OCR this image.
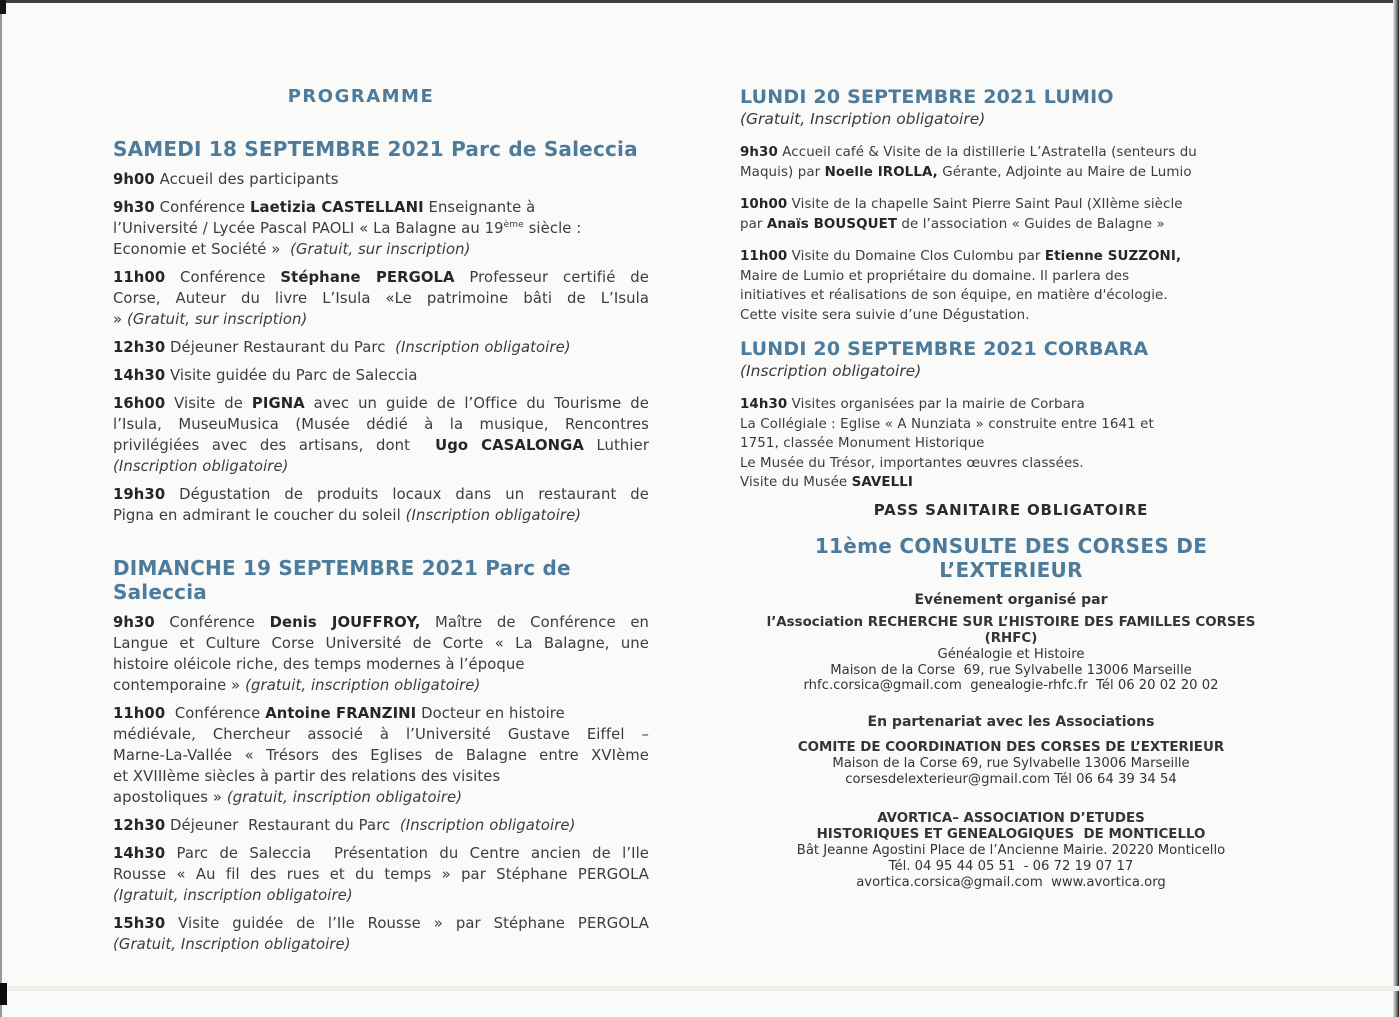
PROGRAMME
SAMEDI 18 SEPTEMBRE 2021 Parc de Saleccia
9h00 Accueil des participants
9h30 Conférence Laetizia CASTELLANI Enseignante à
l’Université / Lycée Pascal PAOLI « La Balagne au 19ème siècle :
Economie et Société »  (Gratuit, sur inscription)
11h00 Conférence Stéphane PERGOLA Professeur certifié de
Corse, Auteur du livre L’Isula «Le patrimoine bâti de L’Isula
» (Gratuit, sur inscription)
12h30 Déjeuner Restaurant du Parc  (Inscription obligatoire)
14h30 Visite guidée du Parc de Saleccia
16h00 Visite de PIGNA avec un guide de l’Office du Tourisme de
l’Isula, MuseuMusica (Musée dédié à la musique, Rencontres
privilégiées avec des artisans, dont  Ugo CASALONGA Luthier
(Inscription obligatoire)
19h30 Dégustation de produits locaux dans un restaurant de
Pigna en admirant le coucher du soleil (Inscription obligatoire)
DIMANCHE 19 SEPTEMBRE 2021 Parc de Saleccia
9h30 Conférence Denis JOUFFROY, Maître de Conférence en
Langue et Culture Corse Université de Corte « La Balagne, une
histoire oléicole riche, des temps modernes à l’époque
contemporaine » (gratuit, inscription obligatoire)
11h00  Conférence Antoine FRANZINI Docteur en histoire
médiévale, Chercheur associé à l’Université Gustave Eiffel –
Marne-La-Vallée « Trésors des Eglises de Balagne entre XVIème
et XVIIIème siècles à partir des relations des visites
apostoliques » (gratuit, inscription obligatoire)
12h30 Déjeuner  Restaurant du Parc  (Inscription obligatoire)
14h30 Parc de Saleccia  Présentation du Centre ancien de l’Ile
Rousse « Au fil des rues et du temps » par Stéphane PERGOLA
(Igratuit, inscription obligatoire)
15h30 Visite guidée de l’Ile Rousse » par Stéphane PERGOLA
(Gratuit, Inscription obligatoire)
LUNDI 20 SEPTEMBRE 2021 LUMIO
(Gratuit, Inscription obligatoire)
9h30 Accueil café & Visite de la distillerie L’Astratella (senteurs du
Maquis) par Noelle IROLLA, Gérante, Adjointe au Maire de Lumio
10h00 Visite de la chapelle Saint Pierre Saint Paul (XIIème siècle
par Anaïs BOUSQUET de l’association « Guides de Balagne »
11h00 Visite du Domaine Clos Culombu par Etienne SUZZONI,
Maire de Lumio et propriétaire du domaine. Il parlera des
initiatives et réalisations de son équipe, en matière d'écologie.
Cette visite sera suivie d’une Dégustation.
LUNDI 20 SEPTEMBRE 2021 CORBARA
(Inscription obligatoire)
14h30 Visites organisées par la mairie de Corbara
La Collégiale : Eglise « A Nunziata » construite entre 1641 et
1751, classée Monument Historique
Le Musée du Trésor, importantes œuvres classées.
Visite du Musée SAVELLI
PASS SANITAIRE OBLIGATOIRE
11ème CONSULTE DES CORSES DE L’EXTERIEUR
Evénement organisé par
l’Association RECHERCHE SUR L’HISTOIRE DES FAMILLES CORSES (RHFC)
Généalogie et Histoire
Maison de la Corse  69, rue Sylvabelle 13006 Marseille
rhfc.corsica@gmail.com  genealogie-rhfc.fr  Tél 06 20 02 20 02
En partenariat avec les Associations
COMITE DE COORDINATION DES CORSES DE L’EXTERIEUR
Maison de la Corse 69, rue Sylvabelle 13006 Marseille
corsesdelexterieur@gmail.com Tél 06 64 39 34 54
AVORTICA– ASSOCIATION D’ETUDES
HISTORIQUES ET GENEALOGIQUES  DE MONTICELLO
Bât Jeanne Agostini Place de l’Ancienne Mairie. 20220 Monticello
Tél. 04 95 44 05 51  - 06 72 19 07 17
avortica.corsica@gmail.com  www.avortica.org
